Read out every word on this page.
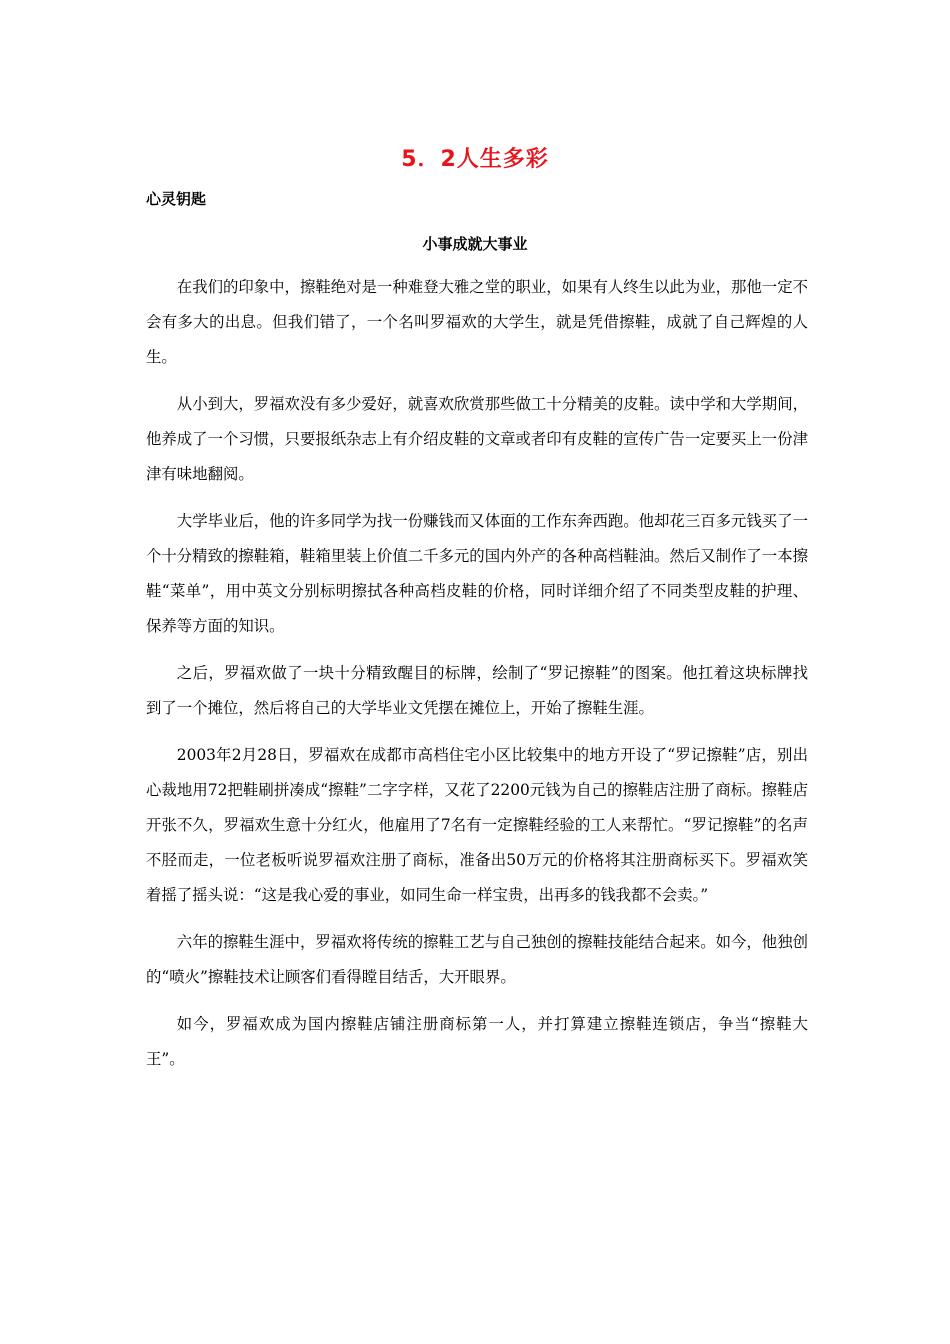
5．2人生多彩
心灵钥匙
小事成就大事业

在我们的印象中，擦鞋绝对是一种难登大雅之堂的职业，如果有人终生以此为业，那他一定不会有多大的出息。但我们错了，一个名叫罗福欢的大学生，就是凭借擦鞋，成就了自己辉煌的人生。

从小到大，罗福欢没有多少爱好，就喜欢欣赏那些做工十分精美的皮鞋。读中学和大学期间，他养成了一个习惯，只要报纸杂志上有介绍皮鞋的文章或者印有皮鞋的宣传广告一定要买上一份津津有味地翻阅。

大学毕业后，他的许多同学为找一份赚钱而又体面的工作东奔西跑。他却花三百多元钱买了一个十分精致的擦鞋箱，鞋箱里装上价值二千多元的国内外产的各种高档鞋油。然后又制作了一本擦鞋“菜单”，用中英文分别标明擦拭各种高档皮鞋的价格，同时详细介绍了不同类型皮鞋的护理、保养等方面的知识。

之后，罗福欢做了一块十分精致醒目的标牌，绘制了“罗记擦鞋”的图案。他扛着这块标牌找到了一个摊位，然后将自己的大学毕业文凭摆在摊位上，开始了擦鞋生涯。

2003年2月28日，罗福欢在成都市高档住宅小区比较集中的地方开设了“罗记擦鞋”店，别出心裁地用72把鞋刷拼凑成“擦鞋”二字字样，又花了2200元钱为自己的擦鞋店注册了商标。擦鞋店开张不久，罗福欢生意十分红火，他雇用了7名有一定擦鞋经验的工人来帮忙。“罗记擦鞋”的名声不胫而走，一位老板听说罗福欢注册了商标，准备出50万元的价格将其注册商标买下。罗福欢笑着摇了摇头说：“这是我心爱的事业，如同生命一样宝贵，出再多的钱我都不会卖。”

六年的擦鞋生涯中，罗福欢将传统的擦鞋工艺与自己独创的擦鞋技能结合起来。如今，他独创的“喷火”擦鞋技术让顾客们看得瞠目结舌，大开眼界。

如今，罗福欢成为国内擦鞋店铺注册商标第一人，并打算建立擦鞋连锁店，争当“擦鞋大王”。
